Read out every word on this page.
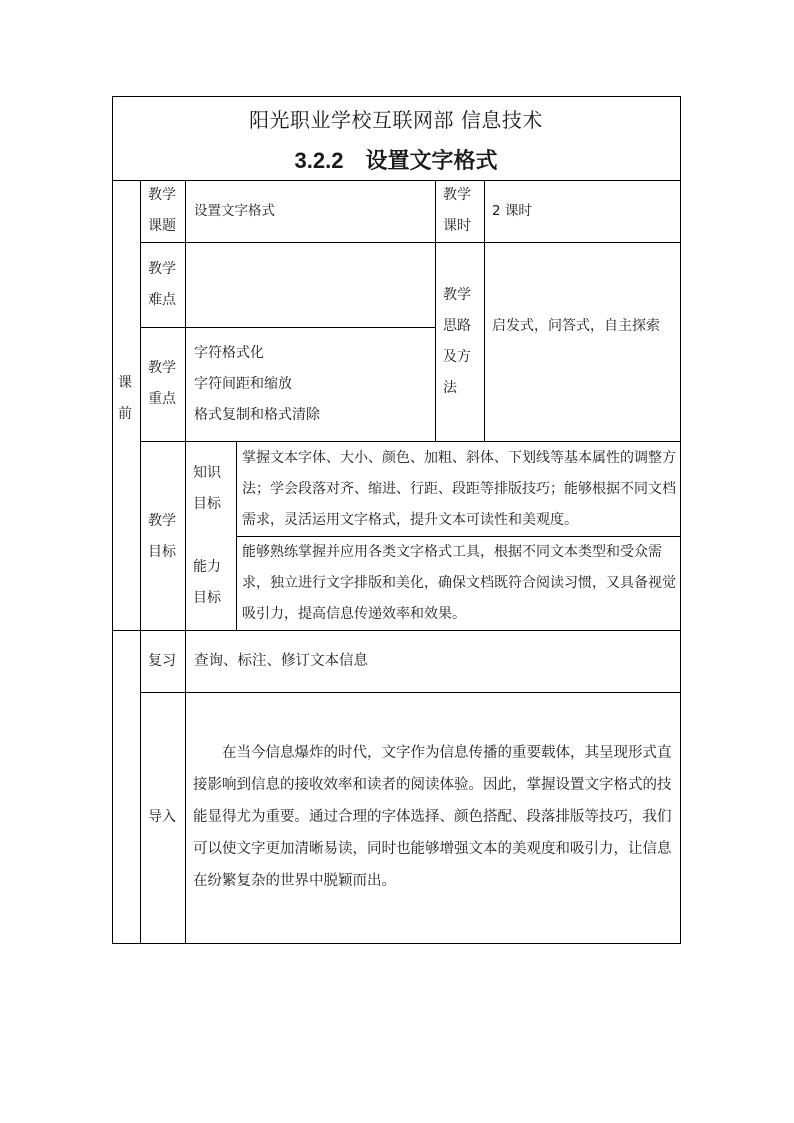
阳光职业学校互联网部 信息技术
3.2.2 设置文字格式
课
前
教学
课题
设置文字格式
教学
课时
2 课时
教学
难点	教学
思路
及方
法
启发式，问答式，自主探索
教学
重点
字符格式化
字符间距和缩放
格式复制和格式清除
教学
目标
知识
目标
掌握文本字体、大小、颜色、加粗、斜体、下划线等基本属性的调整方法；学会段落对齐、缩进、行距、段距等排版技巧；能够根据不同文档需求，灵活运用文字格式，提升文本可读性和美观度。
能力
目标
能够熟练掌握并应用各类文字格式工具，根据不同文本类型和受众需求，独立进行文字排版和美化，确保文档既符合阅读习惯，又具备视觉吸引力，提高信息传递效率和效果。
复习 查询、标注、修订文本信息
导入
在当今信息爆炸的时代，文字作为信息传播的重要载体，其呈现形式直接影响到信息的接收效率和读者的阅读体验。因此，掌握设置文字格式的技能显得尤为重要。通过合理的字体选择、颜色搭配、段落排版等技巧，我们可以使文字更加清晰易读，同时也能够增强文本的美观度和吸引力，让信息在纷繁复杂的世界中脱颖而出。
